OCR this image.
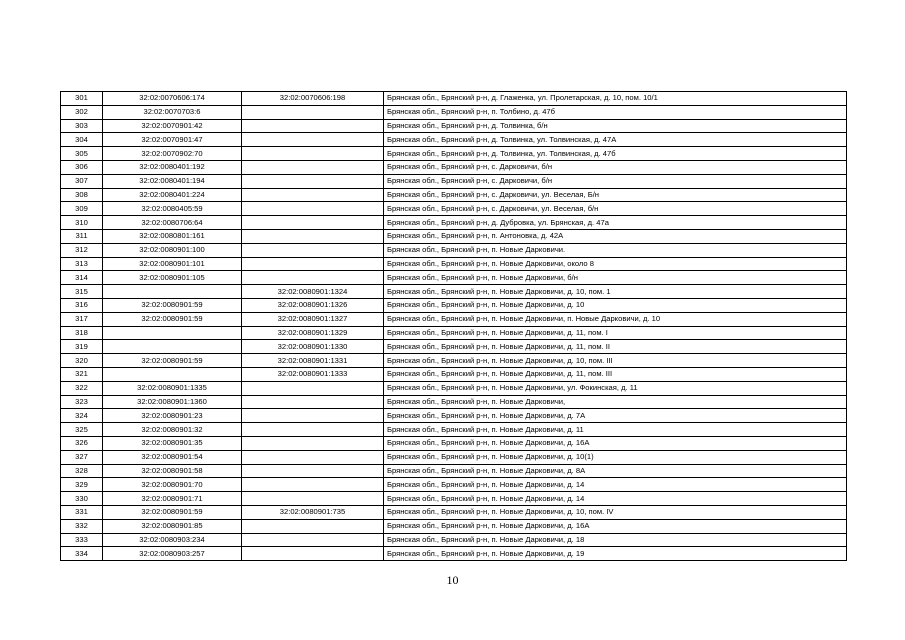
301	32:02:0070606:174	32:02:0070606:198	Брянская обл., Брянский р-н, д. Глаженка, ул. Пролетарская, д. 10, пом. 10/1
302	32:02:0070703:6		Брянская обл., Брянский р-н, п. Толбино, д. 47б
303	32:02:0070901:42		Брянская обл., Брянский р-н, д. Толвинка, б/н
304	32:02:0070901:47		Брянская обл., Брянский р-н, д. Толвинка, ул. Толвинская, д. 47А
305	32:02:0070902:70		Брянская обл., Брянский р-н, д. Толвинка, ул. Толвинская, д. 47б
306	32:02:0080401:192		Брянская обл., Брянский р-н, с. Дарковичи, б/н
307	32:02:0080401:194		Брянская обл., Брянский р-н, с. Дарковичи, б/н
308	32:02:0080401:224		Брянская обл., Брянский р-н, с. Дарковичи, ул. Веселая, Б/н
309	32:02:0080405:59		Брянская обл., Брянский р-н, с. Дарковичи, ул. Веселая, б/н
310	32:02:0080706:64		Брянская обл., Брянский р-н, д. Дубровка, ул. Брянская, д. 47а
311	32:02:0080801:161		Брянская обл., Брянский р-н, п. Антоновка, д. 42А
312	32:02:0080901:100		Брянская обл., Брянский р-н, п. Новые Дарковичи.
313	32:02:0080901:101		Брянская обл., Брянский р-н, п. Новые Дарковичи, около 8
314	32:02:0080901:105		Брянская обл., Брянский р-н, п. Новые Дарковичи, б/н
315		32:02:0080901:1324	Брянская обл., Брянский р-н, п. Новые Дарковичи, д. 10, пом. 1
316	32:02:0080901:59	32:02:0080901:1326	Брянская обл., Брянский р-н, п. Новые Дарковичи, д. 10
317	32:02:0080901:59	32:02:0080901:1327	Брянская обл., Брянский р-н, п. Новые Дарковичи, п. Новые Дарковичи, д. 10
318		32:02:0080901:1329	Брянская обл., Брянский р-н, п. Новые Дарковичи, д. 11, пом. I
319		32:02:0080901:1330	Брянская обл., Брянский р-н, п. Новые Дарковичи, д. 11, пом. II
320	32:02:0080901:59	32:02:0080901:1331	Брянская обл., Брянский р-н, п. Новые Дарковичи, д. 10, пом. III
321		32:02:0080901:1333	Брянская обл., Брянский р-н, п. Новые Дарковичи, д. 11, пом. III
322	32:02:0080901:1335		Брянская обл., Брянский р-н, п. Новые Дарковичи, ул. Фокинская, д. 11
323	32:02:0080901:1360		Брянская обл., Брянский р-н, п. Новые Дарковичи,
324	32:02:0080901:23		Брянская обл., Брянский р-н, п. Новые Дарковичи, д. 7А
325	32:02:0080901:32		Брянская обл., Брянский р-н, п. Новые Дарковичи, д. 11
326	32:02:0080901:35		Брянская обл., Брянский р-н, п. Новые Дарковичи, д. 16А
327	32:02:0080901:54		Брянская обл., Брянский р-н, п. Новые Дарковичи, д. 10(1)
328	32:02:0080901:58		Брянская обл., Брянский р-н, п. Новые Дарковичи, д. 8А
329	32:02:0080901:70		Брянская обл., Брянский р-н, п. Новые Дарковичи, д. 14
330	32:02:0080901:71		Брянская обл., Брянский р-н, п. Новые Дарковичи, д. 14
331	32:02:0080901:59	32:02:0080901:735	Брянская обл., Брянский р-н, п. Новые Дарковичи, д. 10, пом. IV
332	32:02:0080901:85		Брянская обл., Брянский р-н, п. Новые Дарковичи, д. 16А
333	32:02:0080903:234		Брянская обл., Брянский р-н, п. Новые Дарковичи, д. 18
334	32:02:0080903:257		Брянская обл., Брянский р-н, п. Новые Дарковичи, д. 19
10
